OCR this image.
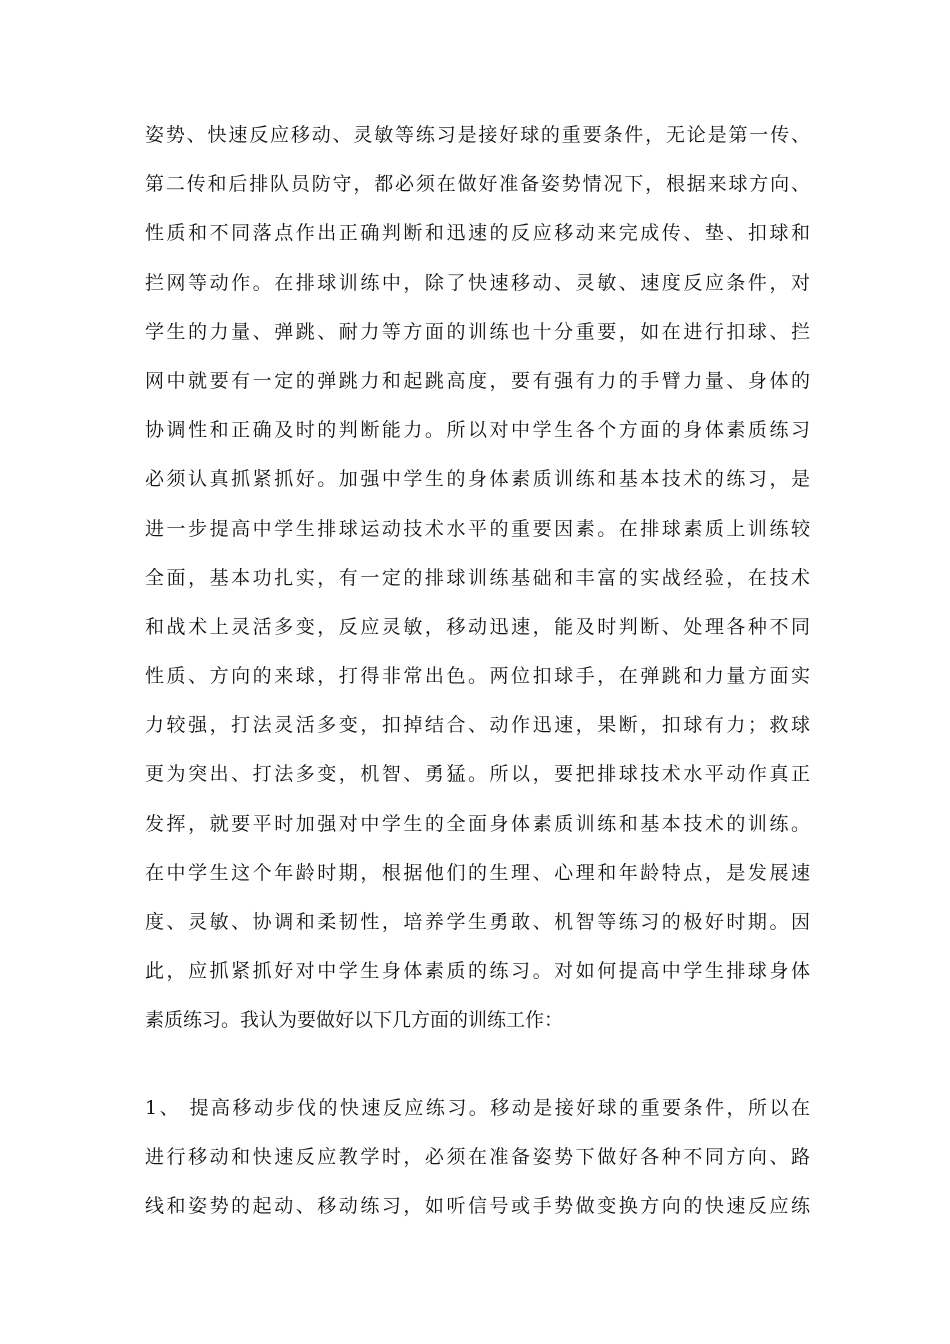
姿势、快速反应移动、灵敏等练习是接好球的重要条件，无论是第一传、
第二传和后排队员防守，都必须在做好准备姿势情况下，根据来球方向、
性质和不同落点作出正确判断和迅速的反应移动来完成传、垫、扣球和
拦网等动作。在排球训练中，除了快速移动、灵敏、速度反应条件，对
学生的力量、弹跳、耐力等方面的训练也十分重要，如在进行扣球、拦
网中就要有一定的弹跳力和起跳高度，要有强有力的手臂力量、身体的
协调性和正确及时的判断能力。所以对中学生各个方面的身体素质练习
必须认真抓紧抓好。加强中学生的身体素质训练和基本技术的练习，是
进一步提高中学生排球运动技术水平的重要因素。在排球素质上训练较
全面，基本功扎实，有一定的排球训练基础和丰富的实战经验，在技术
和战术上灵活多变，反应灵敏，移动迅速，能及时判断、处理各种不同
性质、方向的来球，打得非常出色。两位扣球手，在弹跳和力量方面实
力较强，打法灵活多变，扣掉结合、动作迅速，果断，扣球有力；救球
更为突出、打法多变，机智、勇猛。所以，要把排球技术水平动作真正
发挥，就要平时加强对中学生的全面身体素质训练和基本技术的训练。
在中学生这个年龄时期，根据他们的生理、心理和年龄特点，是发展速
度、灵敏、协调和柔韧性，培养学生勇敢、机智等练习的极好时期。因
此，应抓紧抓好对中学生身体素质的练习。对如何提高中学生排球身体
素质练习。我认为要做好以下几方面的训练工作：
1、 提高移动步伐的快速反应练习。移动是接好球的重要条件，所以在
进行移动和快速反应教学时，必须在准备姿势下做好各种不同方向、路
线和姿势的起动、移动练习，如听信号或手势做变换方向的快速反应练
